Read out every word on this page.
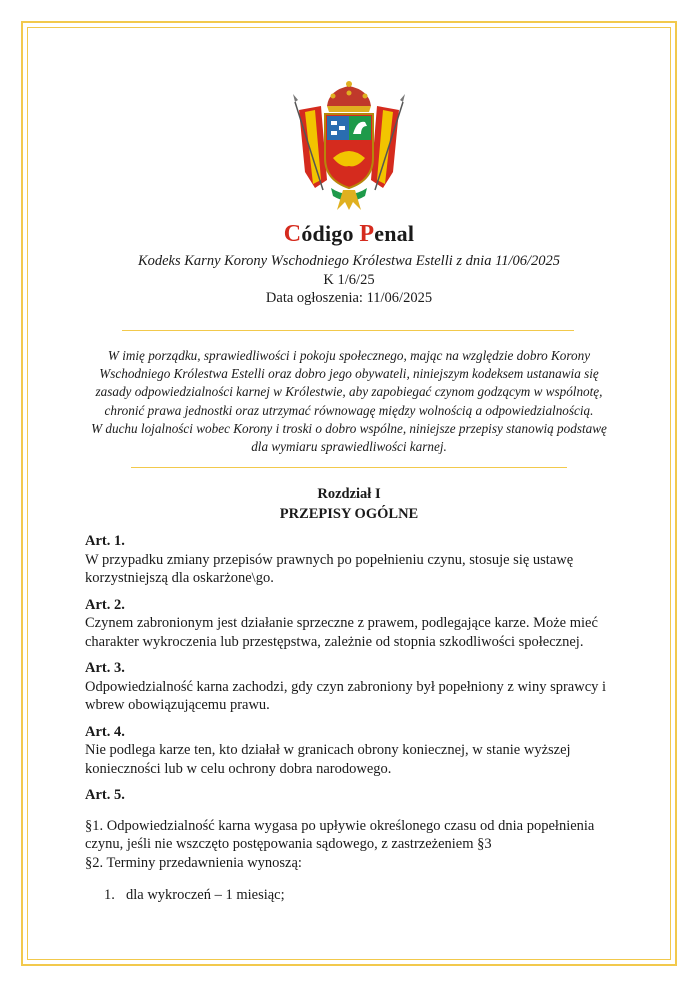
Código Penal
Kodeks Karny Korony Wschodniego Królestwa Estelli z dnia 11/06/2025
K 1/6/25
Data ogłoszenia: 11/06/2025

W imię porządku, sprawiedliwości i pokoju społecznego, mając na względzie dobro Korony Wschodniego Królestwa Estelli oraz dobro jego obywateli, niniejszym kodeksem ustanawia się zasady odpowiedzialności karnej w Królestwie, aby zapobiegać czynom godzącym w wspólnotę, chronić prawa jednostki oraz utrzymać równowagę między wolnością a odpowiedzialnością.

W duchu lojalności wobec Korony i troski o dobro wspólne, niniejsze przepisy stanowią podstawę dla wymiaru sprawiedliwości karnej.

Rozdział I
PRZEPISY OGÓLNE
Art. 1.
W przypadku zmiany przepisów prawnych po popełnieniu czynu, stosuje się ustawę korzystniejszą dla oskarżone\go.
Art. 2.
Czynem zabronionym jest działanie sprzeczne z prawem, podlegające karze. Może mieć charakter wykroczenia lub przestępstwa, zależnie od stopnia szkodliwości społecznej.
Art. 3.
Odpowiedzialność karna zachodzi, gdy czyn zabroniony był popełniony z winy sprawcy i wbrew obowiązującemu prawu.
Art. 4.
Nie podlega karze ten, kto działał w granicach obrony koniecznej, w stanie wyższej konieczności lub w celu ochrony dobra narodowego.
Art. 5.

§1. Odpowiedzialność karna wygasa po upływie określonego czasu od dnia popełnienia czynu, jeśli nie wszczęto postępowania sądowego, z zastrzeżeniem §3

§2. Terminy przedawnienia wynoszą:

1. dla wykroczeń – 1 miesiąc;
